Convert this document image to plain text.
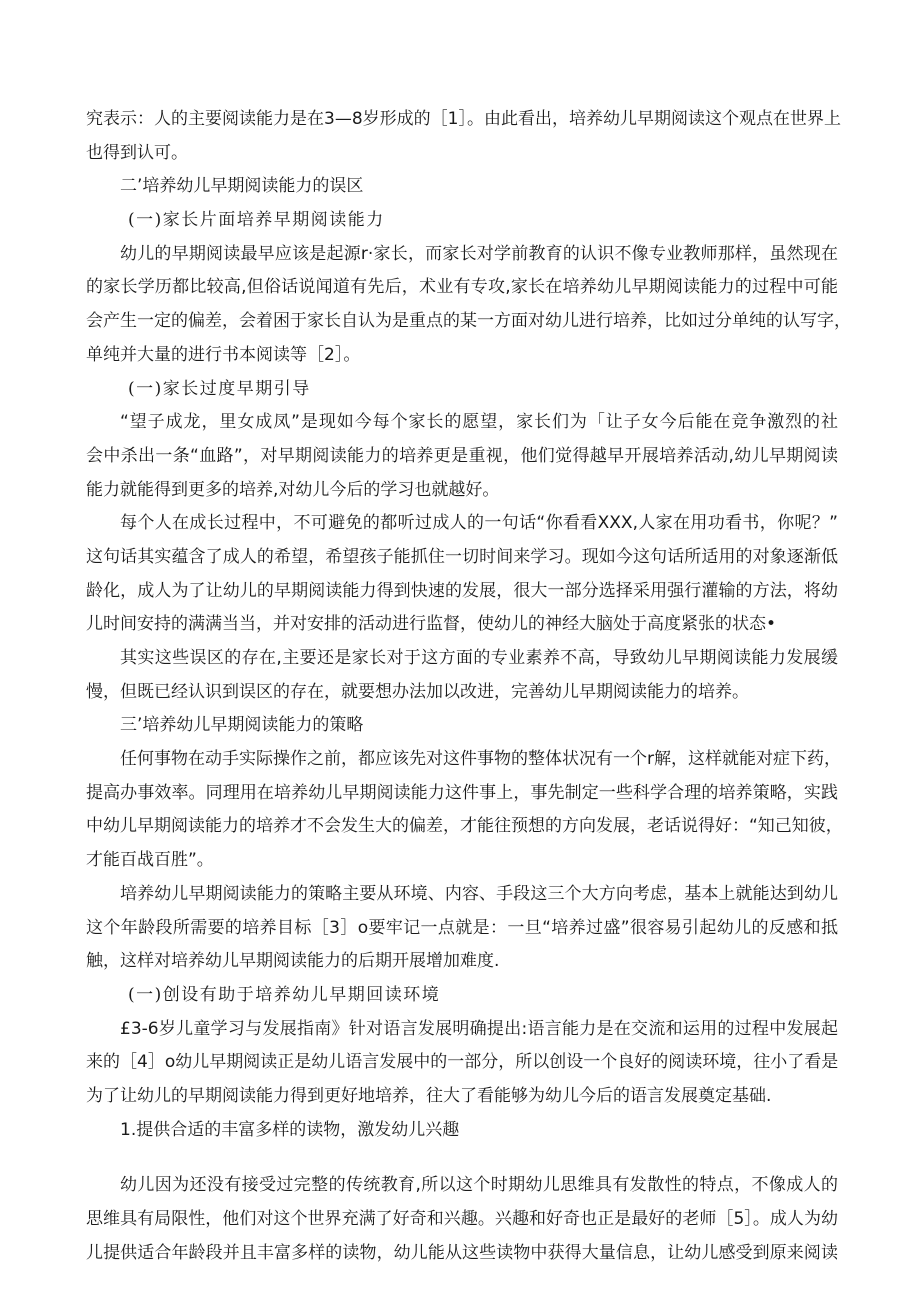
究表示：人的主要阅读能力是在3—8岁形成的［1］。由此看出，培养幼儿早期阅读这个观点在世界上
也得到认可。
二’培养幼儿早期阅读能力的误区
(一)家长片面培养早期阅读能力
幼儿的早期阅读最早应该是起源r·家长，而家长对学前教育的认识不像专业教师那样，虽然现在
的家长学历都比较高,但俗话说闻道有先后，术业有专攻,家长在培养幼儿早期阅读能力的过程中可能
会产生一定的偏差，会着困于家长自认为是重点的某一方面对幼儿进行培养，比如过分单纯的认写字，
单纯并大量的进行书本阅读等［2］。
(一)家长过度早期引导
“望子成龙，里女成凤”是现如今每个家长的愿望，家长们为「让子女今后能在竞争激烈的社
会中杀出一条“血路”，对早期阅读能力的培养更是重视，他们觉得越早开展培养活动,幼儿早期阅读
能力就能得到更多的培养,对幼儿今后的学习也就越好。
每个人在成长过程中，不可避免的都听过成人的一句话“你看看XXX,人家在用功看书，你呢？”
这句话其实蕴含了成人的希望，希望孩子能抓住一切时间来学习。现如今这句话所适用的对象逐渐低
龄化，成人为了让幼儿的早期阅读能力得到快速的发展，很大一部分选择采用强行灌输的方法，将幼
儿时间安持的满满当当，并对安排的活动进行监督，使幼儿的神经大脑处于高度紧张的状态•
其实这些误区的存在,主要还是家长对于这方面的专业素养不高，导致幼儿早期阅读能力发展缓
慢，但既已经认识到误区的存在，就要想办法加以改进，完善幼儿早期阅读能力的培养。
三’培养幼儿早期阅读能力的策略
任何事物在动手实际操作之前，都应该先对这件事物的整体状况有一个r解，这样就能对症下药，
提高办事效率。同理用在培养幼儿早期阅读能力这件事上，事先制定一些科学合理的培养策略，实践
中幼儿早期阅读能力的培养才不会发生大的偏差，才能往预想的方向发展，老话说得好：“知己知彼，
才能百战百胜”。
培养幼儿早期阅读能力的策略主要从环境、内容、手段这三个大方向考虑，基本上就能达到幼儿
这个年龄段所需要的培养目标［3］o要牢记一点就是：一旦“培养过盛”很容易引起幼儿的反感和抵
触，这样对培养幼儿早期阅读能力的后期开展增加难度.
(一)创设有助于培养幼儿早期回读环境
£3-6岁儿童学习与发展指南》针对语言发展明确提出:语言能力是在交流和运用的过程中发展起
来的［4］o幼儿早期阅读正是幼儿语言发展中的一部分，所以创设一个良好的阅读环境，往小了看是
为了让幼儿的早期阅读能力得到更好地培养，往大了看能够为幼儿今后的语言发展奠定基础.
1.提供合适的丰富多样的读物，激发幼儿兴趣
幼儿因为还没有接受过完整的传统教育,所以这个时期幼儿思维具有发散性的特点，不像成人的
思维具有局限性，他们对这个世界充满了好奇和兴趣。兴趣和好奇也正是最好的老师［5］。成人为幼
儿提供适合年龄段并且丰富多样的读物，幼儿能从这些读物中获得大量信息，让幼儿感受到原来阅读
